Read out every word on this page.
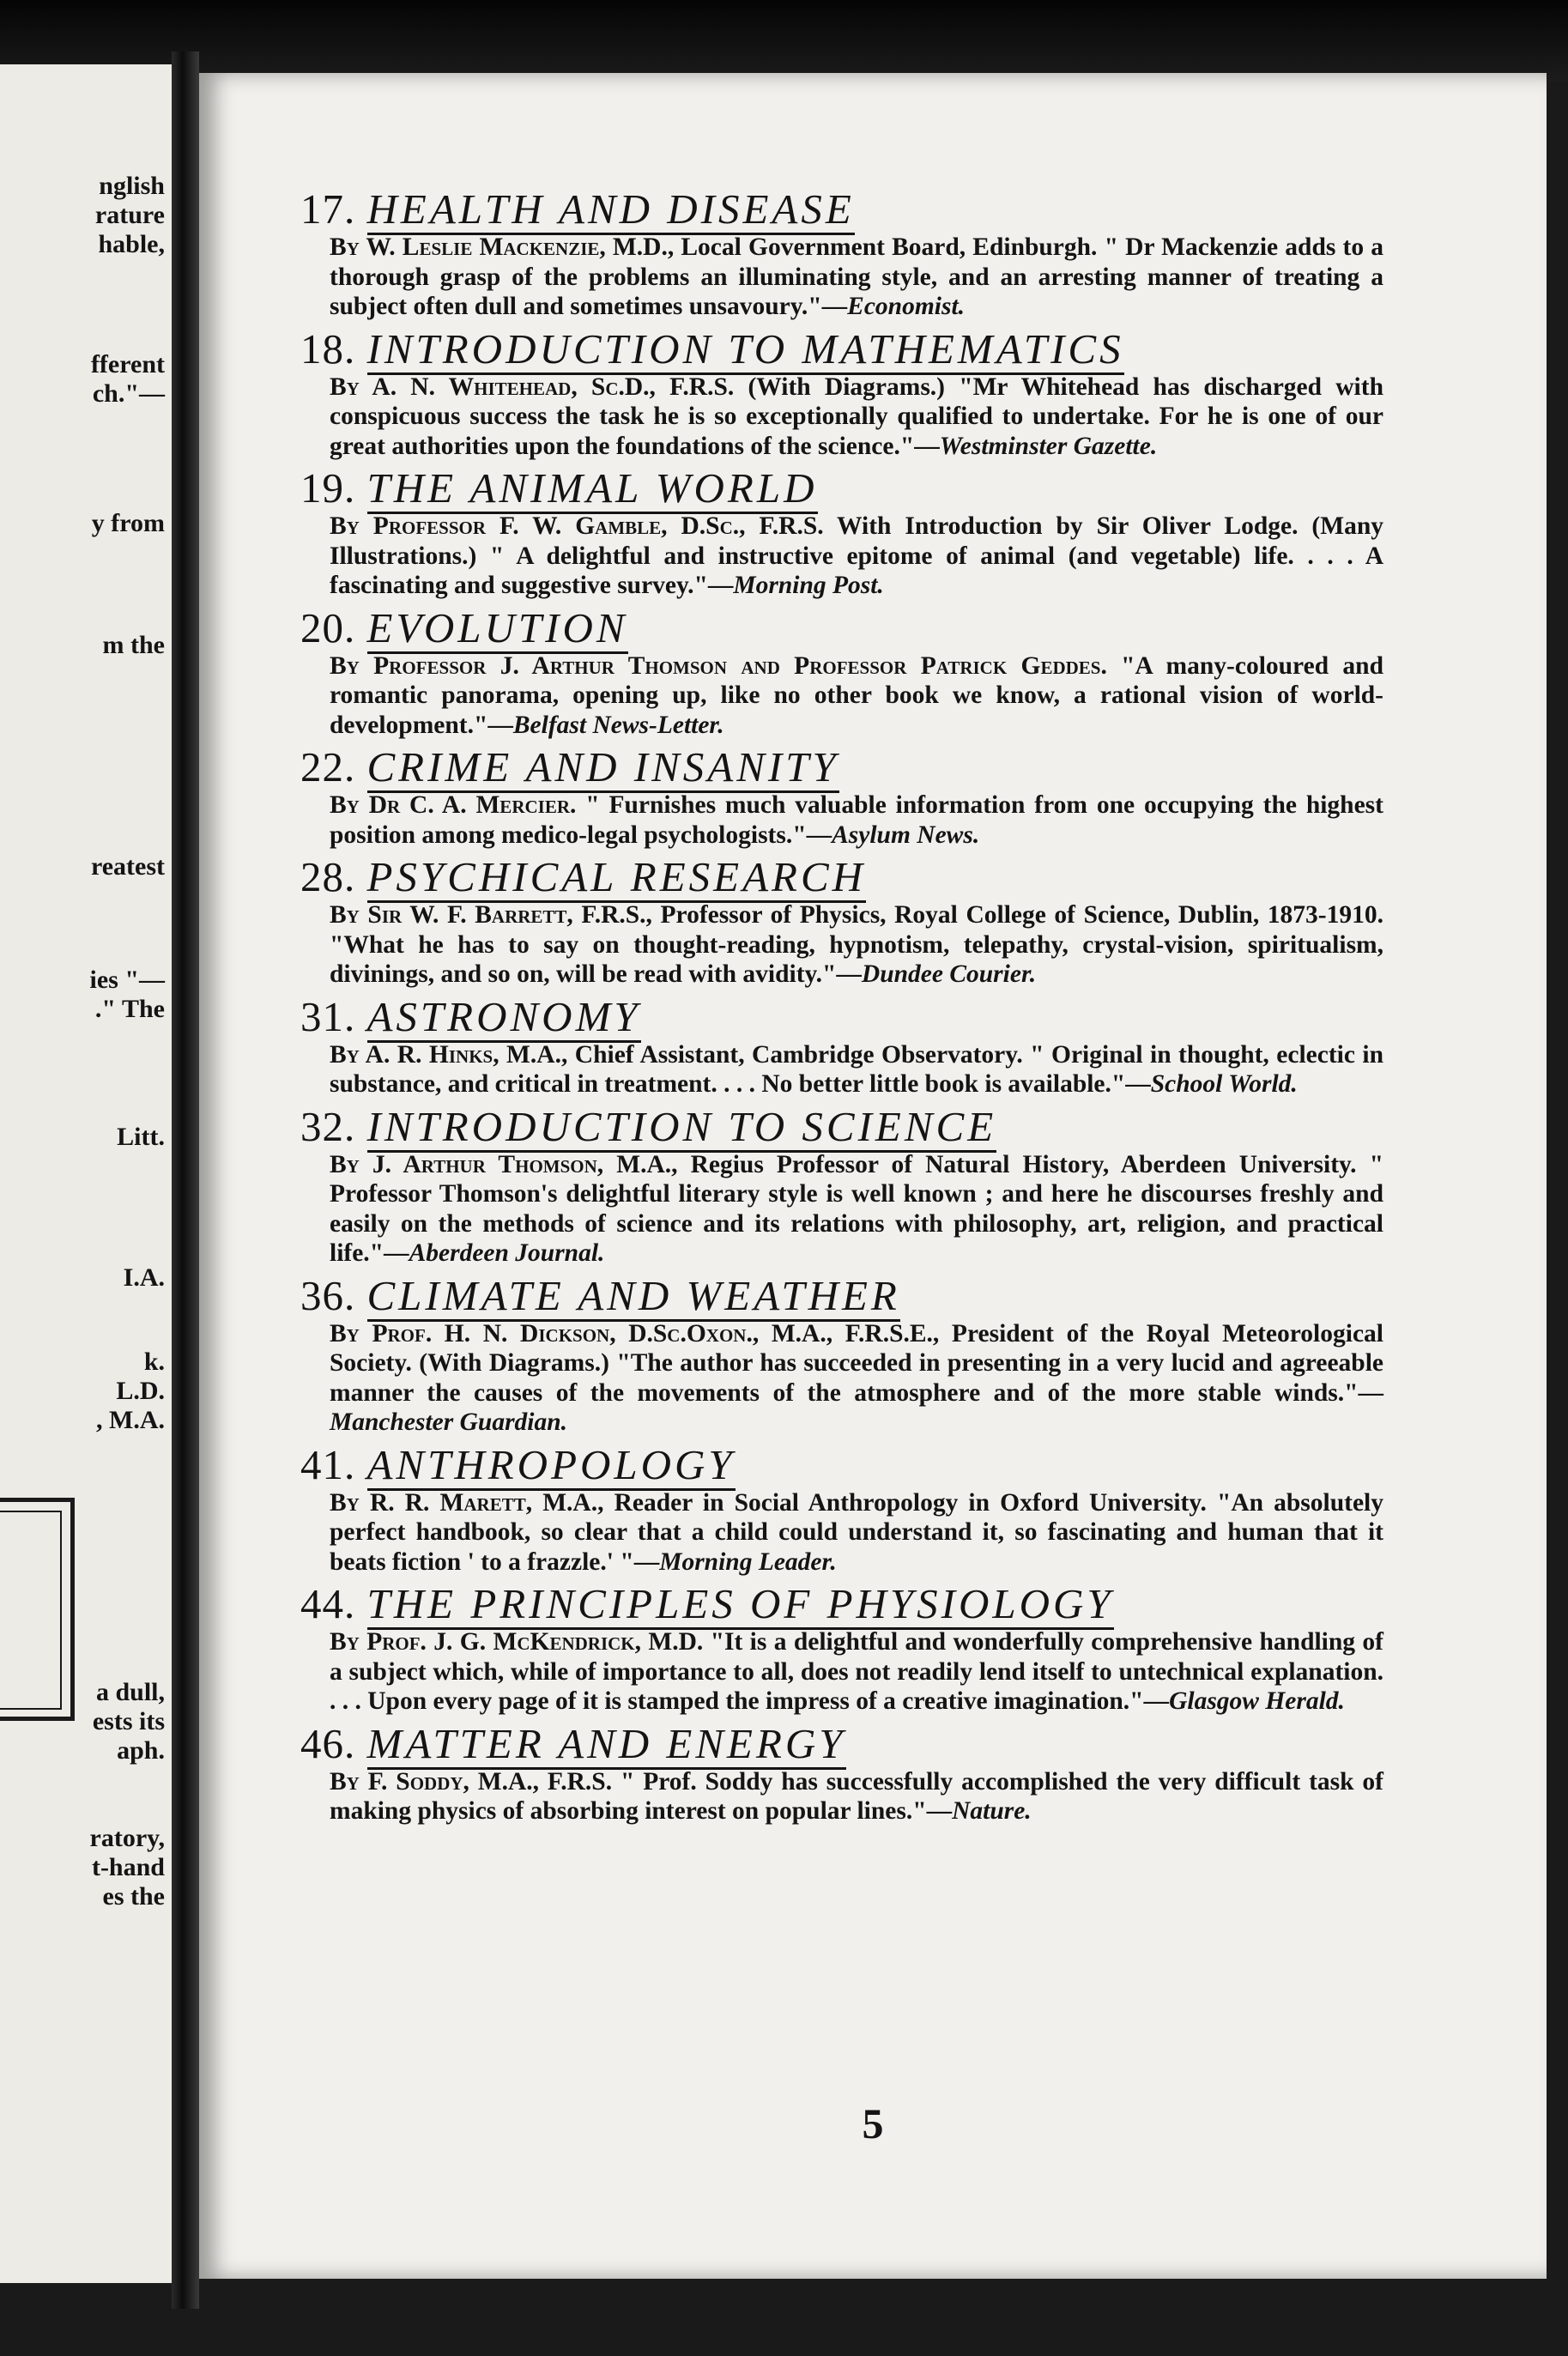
nglish
rature
hable,
fferent
ch."—
y from
m the
reatest
ies "—
." The
Litt.
I.A.
k.
L.D.
, M.A.
a dull,
ests its
aph.
ratory,
t-hand
es the
17. HEALTH AND DISEASE
By W. Leslie Mackenzie, M.D., Local Government Board, Edinburgh. " Dr Mackenzie adds to a thorough grasp of the problems an illuminating style, and an arresting manner of treating a subject often dull and sometimes unsavoury."—Economist.
18. INTRODUCTION TO MATHEMATICS
By A. N. Whitehead, Sc.D., F.R.S. (With Diagrams.) "Mr Whitehead has discharged with conspicuous success the task he is so exceptionally qualified to undertake. For he is one of our great authorities upon the foundations of the science."—Westminster Gazette.
19. THE ANIMAL WORLD
By Professor F. W. Gamble, D.Sc., F.R.S. With Introduction by Sir Oliver Lodge. (Many Illustrations.) " A delightful and instructive epitome of animal (and vegetable) life. . . . A fascinating and suggestive survey."—Morning Post.
20. EVOLUTION
By Professor J. Arthur Thomson and Professor Patrick Geddes. "A many-coloured and romantic panorama, opening up, like no other book we know, a rational vision of world-development."—Belfast News-Letter.
22. CRIME AND INSANITY
By Dr C. A. Mercier. " Furnishes much valuable information from one occupying the highest position among medico-legal psychologists."—Asylum News.
28. PSYCHICAL RESEARCH
By Sir W. F. Barrett, F.R.S., Professor of Physics, Royal College of Science, Dublin, 1873-1910. "What he has to say on thought-reading, hypnotism, telepathy, crystal-vision, spiritualism, divinings, and so on, will be read with avidity."—Dundee Courier.
31. ASTRONOMY
By A. R. Hinks, M.A., Chief Assistant, Cambridge Observatory. " Original in thought, eclectic in substance, and critical in treatment. . . . No better little book is available."—School World.
32. INTRODUCTION TO SCIENCE
By J. Arthur Thomson, M.A., Regius Professor of Natural History, Aberdeen University. " Professor Thomson's delightful literary style is well known ; and here he discourses freshly and easily on the methods of science and its relations with philosophy, art, religion, and practical life."—Aberdeen Journal.
36. CLIMATE AND WEATHER
By Prof. H. N. Dickson, D.Sc.Oxon., M.A., F.R.S.E., President of the Royal Meteorological Society. (With Diagrams.) "The author has succeeded in presenting in a very lucid and agreeable manner the causes of the movements of the atmosphere and of the more stable winds."—Manchester Guardian.
41. ANTHROPOLOGY
By R. R. Marett, M.A., Reader in Social Anthropology in Oxford University. "An absolutely perfect handbook, so clear that a child could understand it, so fascinating and human that it beats fiction ' to a frazzle.' "—Morning Leader.
44. THE PRINCIPLES OF PHYSIOLOGY
By Prof. J. G. McKendrick, M.D. "It is a delightful and wonderfully comprehensive handling of a subject which, while of importance to all, does not readily lend itself to untechnical explanation. . . . Upon every page of it is stamped the impress of a creative imagination."—Glasgow Herald.
46. MATTER AND ENERGY
By F. Soddy, M.A., F.R.S. " Prof. Soddy has successfully accomplished the very difficult task of making physics of absorbing interest on popular lines."—Nature.
5
